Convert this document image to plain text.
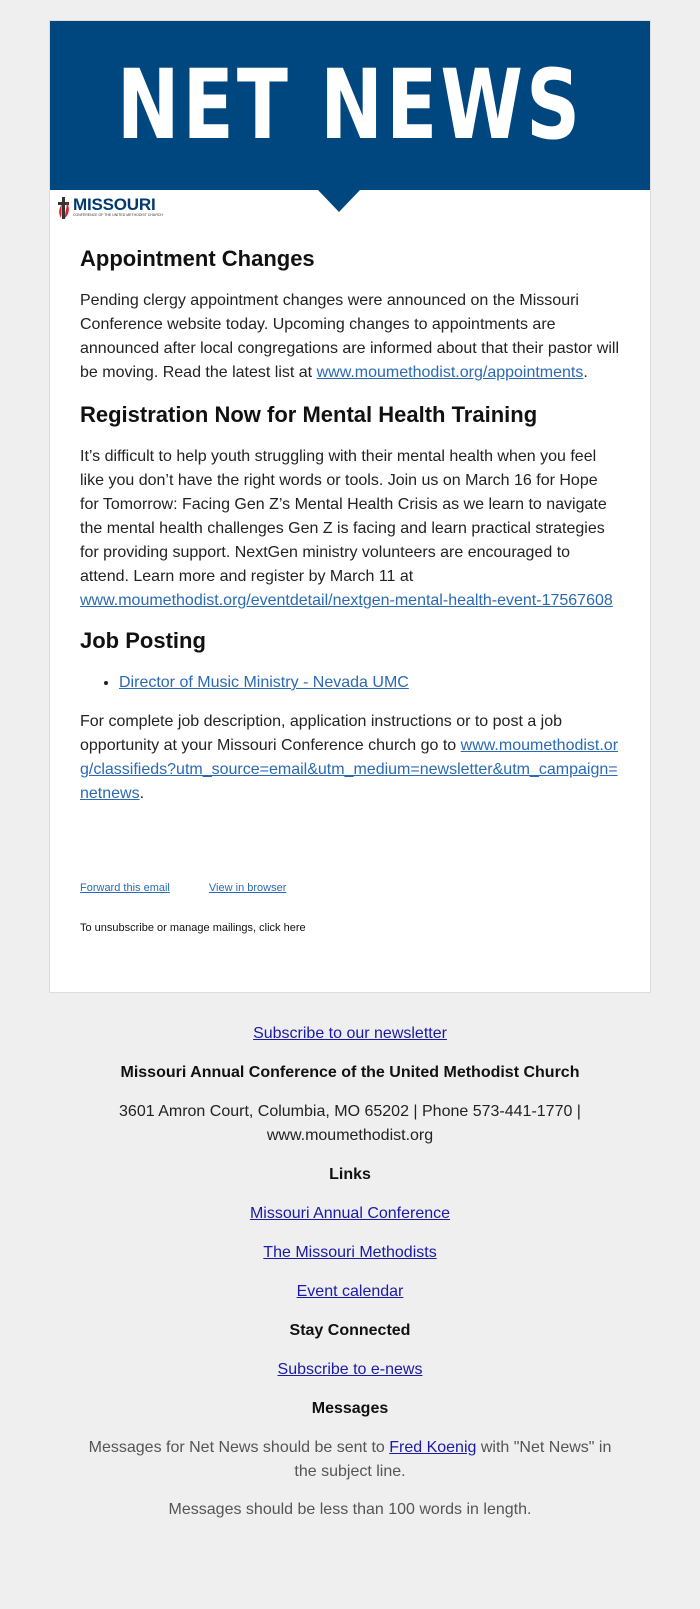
NET NEWS
MISSOURI
CONFERENCE OF THE UNITED METHODIST CHURCH
Appointment Changes

Pending clergy appointment changes were announced on the Missouri Conference website today. Upcoming changes to appointments are announced after local congregations are informed about that their pastor will be moving. Read the latest list at www.moumethodist.org/appointments.

Registration Now for Mental Health Training

It’s difficult to help youth struggling with their mental health when you feel like you don’t have the right words or tools. Join us on March 16 for Hope for Tomorrow: Facing Gen Z’s Mental Health Crisis as we learn to navigate the mental health challenges Gen Z is facing and learn practical strategies for providing support. NextGen ministry volunteers are encouraged to attend. Learn more and register by March 11 at www.moumethodist.org/eventdetail/nextgen-mental-health-event-17567608

Job Posting
• Director of Music Ministry - Nevada UMC

For complete job description, application instructions or to post a job opportunity at your Missouri Conference church go to www.moumethodist.org/classifieds?utm_source=email&utm_medium=newsletter&utm_campaign=netnews.

Forward this email	View in browser
To unsubscribe or manage mailings, click here
Subscribe to our newsletter
Missouri Annual Conference of the United Methodist Church
3601 Amron Court, Columbia, MO 65202 | Phone 573-441-1770 | www.moumethodist.org
Links
Missouri Annual Conference
The Missouri Methodists
Event calendar
Stay Connected
Subscribe to e-news
Messages
Messages for Net News should be sent to Fred Koenig with "Net News" in the subject line.
Messages should be less than 100 words in length.
